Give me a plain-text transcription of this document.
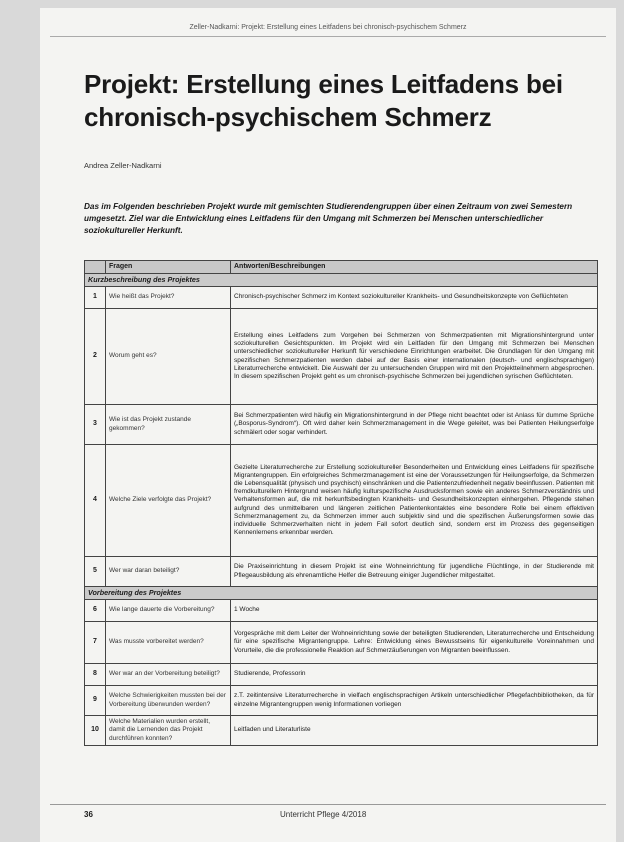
Zeller-Nadkarni: Projekt: Erstellung eines Leitfadens bei chronisch-psychischem Schmerz
Projekt: Erstellung eines Leitfadens bei chronisch-psychischem Schmerz
Andrea Zeller-Nadkarni
Das im Folgenden beschrieben Projekt wurde mit gemischten Studierendengruppen über einen Zeitraum von zwei Semestern umgesetzt. Ziel war die Entwicklung eines Leitfadens für den Umgang mit Schmerzen bei Menschen unterschiedlicher soziokultureller Herkunft.
	Fragen	Antworten/Beschreibungen
Kurzbeschreibung des Projektes		
1	Wie heißt das Projekt?	Chronisch-psychischer Schmerz im Kontext soziokultureller Krankheits- und Gesundheitskonzepte von Geflüchteten
2	Worum geht es?	Erstellung eines Leitfadens zum Vorgehen bei Schmerzen von Schmerzpatienten mit Migrationshintergrund unter soziokulturellen Gesichtspunkten. Im Projekt wird ein Leitfaden für den Umgang mit Schmerzen bei Menschen unterschiedlicher soziokultureller Herkunft für verschiedene Einrichtungen erarbeitet. Die Grundlagen für den Umgang mit spezifischen Schmerzpatienten werden dabei auf der Basis einer internationalen (deutsch- und englischsprachigen) Literaturrecherche entwickelt. Die Auswahl der zu untersuchenden Gruppen wird mit den Projektteilnehmern abgesprochen. In diesem spezifischen Projekt geht es um chronisch-psychische Schmerzen bei jugendlichen syrischen Geflüchteten.
3	Wie ist das Projekt zustande gekommen?	Bei Schmerzpatienten wird häufig ein Migrationshintergrund in der Pflege nicht beachtet oder ist Anlass für dumme Sprüche („Bosporus-Syndrom“). Oft wird daher kein Schmerzmanagement in die Wege geleitet, was bei Patienten Heilungserfolge schmälert oder sogar verhindert.
4	Welche Ziele verfolgte das Projekt?	Gezielte Literaturrecherche zur Erstellung soziokultureller Besonderheiten und Entwicklung eines Leitfadens für spezifische Migrantengruppen. Ein erfolgreiches Schmerzmanagement ist eine der Voraussetzungen für Heilungserfolge, da Schmerzen die Lebensqualität (physisch und psychisch) einschränken und die Patientenzufriedenheit negativ beeinflussen. Patienten mit fremdkulturellem Hintergrund weisen häufig kulturspezifische Ausdrucksformen sowie ein anderes Schmerzverständnis und Verhaltensformen auf, die mit herkunftsbedingten Krankheits- und Gesundheitskonzepten einhergehen. Pflegende stehen aufgrund des unmittelbaren und längeren zeitlichen Patientenkontaktes eine besondere Rolle bei einem effektiven Schmerzmanagement zu, da Schmerzen immer auch subjektiv sind und die spezifischen Äußerungsformen sowie das individuelle Schmerzverhalten nicht in jedem Fall sofort deutlich sind, sondern erst im Prozess des gegenseitigen Kennenlernens erkennbar werden.
5	Wer war daran beteiligt?	Die Praxiseinrichtung in diesem Projekt ist eine Wohneinrichtung für jugendliche Flüchtlinge, in der Studierende mit Pflegeausbildung als ehrenamtliche Helfer die Betreuung einiger Jugendlicher mitgestaltet.
Vorbereitung des Projektes		
6	Wie lange dauerte die Vorbereitung?	1 Woche
7	Was musste vorbereitet werden?	Vorgespräche mit dem Leiter der Wohneinrichtung sowie der beteiligten Studierenden, Literaturrecherche und Entscheidung für eine spezifische Migrantengruppe. Lehre: Entwicklung eines Bewusstseins für eigenkulturelle Voreinnahmen und Vorurteile, die die professionelle Reaktion auf Schmerzäußerungen von Migranten beeinflussen.
8	Wer war an der Vorbereitung beteiligt?	Studierende, Professorin
9	Welche Schwierigkeiten mussten bei der Vorbereitung überwunden werden?	z.T. zeitintensive Literaturrecherche in vielfach englischsprachigen Artikeln unterschiedlicher Pflegefachbibliotheken, da für einzelne Migrantengruppen wenig Informationen vorliegen
10	Welche Materialien wurden erstellt, damit die Lernenden das Projekt durchführen konnten?	Leitfaden und Literaturliste
36	Unterricht Pflege 4/2018
